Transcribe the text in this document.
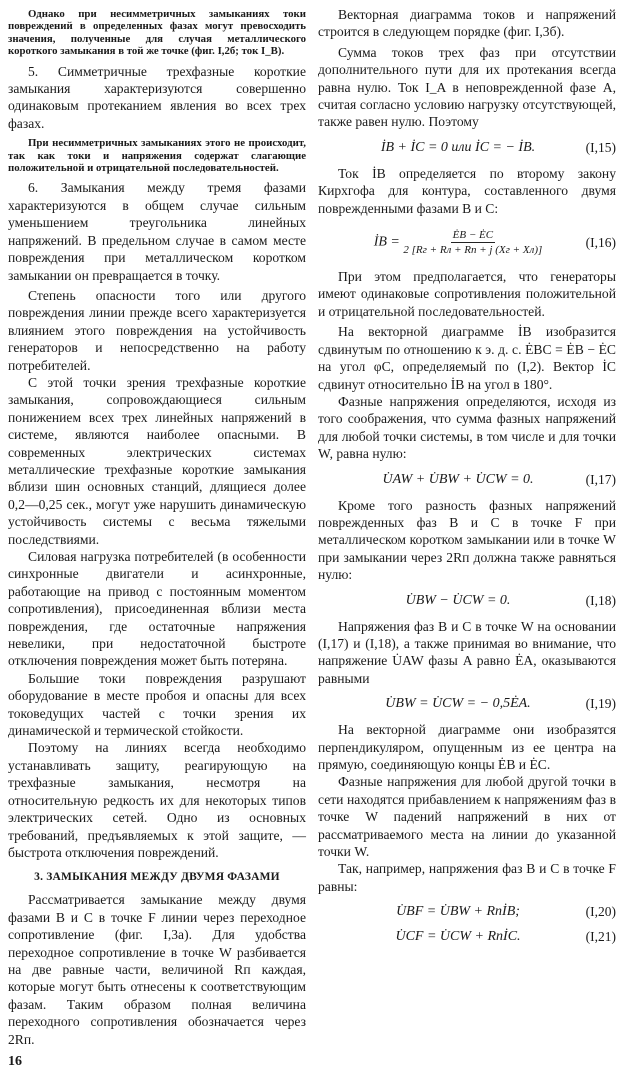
Однако при несимметричных замыканиях токи повреждений в определенных фазах могут превосходить значения, полученные для случая металлического короткого замыкания в той же точке (фиг. I,2б; ток I_B).

5. Симметричные трехфазные короткие замыкания характеризуются совершенно одинаковым протеканием явления во всех трех фазах.

При несимметричных замыканиях этого не происходит, так как токи и напряжения содержат слагающие положительной и отрицательной последовательностей.

6. Замыкания между тремя фазами характеризуются в общем случае сильным уменьшением треугольника линейных напряжений. В предельном случае в самом месте повреждения при металлическом коротком замыкании он превращается в точку.

Степень опасности того или другого повреждения линии прежде всего характеризуется влиянием этого повреждения на устойчивость генераторов и непосредственно на работу потребителей.

С этой точки зрения трехфазные короткие замыкания, сопровождающиеся сильным понижением всех трех линейных напряжений в системе, являются наиболее опасными. В современных электрических системах металлические трехфазные короткие замыкания вблизи шин основных станций, длящиеся долее 0,2—0,25 сек., могут уже нарушить динамическую устойчивость системы с весьма тяжелыми последствиями.

Силовая нагрузка потребителей (в особенности синхронные двигатели и асинхронные, работающие на привод с постоянным моментом сопротивления), присоединенная вблизи места повреждения, где остаточные напряжения невелики, при недостаточной быстроте отключения повреждения может быть потеряна.

Большие токи повреждения разрушают оборудование в месте пробоя и опасны для всех токоведущих частей с точки зрения их динамической и термической стойкости.

Поэтому на линиях всегда необходимо устанавливать защиту, реагирующую на трехфазные замыкания, несмотря на относительную редкость их для некоторых типов электрических сетей. Одно из основных требований, предъявляемых к этой защите, — быстрота отключения повреждений.

3. ЗАМЫКАНИЯ МЕЖДУ ДВУМЯ ФАЗАМИ

Рассматривается замыкание между двумя фазами B и C в точке F линии через переходное сопротивление (фиг. I,3а). Для удобства переходное сопротивление в точке W разбивается на две равные части, величиной Rп каждая, которые могут быть отнесены к соответствующим фазам. Таким образом полная величина переходного сопротивления обозначается через 2Rп.

16

Векторная диаграмма токов и напряжений строится в следующем порядке (фиг. I,3б).

Сумма токов трех фаз при отсутствии дополнительного пути для их протекания всегда равна нулю. Ток I_A в неповрежденной фазе A, считая согласно условию нагрузку отсутствующей, также равен нулю. Поэтому

İB + İC = 0 или İC = − İB.	(I,15)

Ток İB определяется по второму закону Кирхгофа для контура, составленного двумя поврежденными фазами B и C:

İB = $\frac{ĖB - ĖC}{2 [Rг + Rл + Rп + j (Xг + Xл)]}$	(I,16)

При этом предполагается, что генераторы имеют одинаковые сопротивления положительной и отрицательной последовательностей.

На векторной диаграмме İB изобразится сдвинутым по отношению к э. д. с. ĖBC = ĖB − ĖC на угол φC, определяемый по (I,2). Вектор İC сдвинут относительно İB на угол в 180°.

Фазные напряжения определяются, исходя из того соображения, что сумма фазных напряжений для любой точки системы, в том числе и для точки W, равна нулю:

U̇AW + U̇BW + U̇CW = 0.	(I,17)

Кроме того разность фазных напряжений поврежденных фаз B и C в точке F при металлическом коротком замыкании или в точке W при замыкании через 2Rп должна также равняться нулю:

U̇BW − U̇CW = 0.	(I,18)

Напряжения фаз B и C в точке W на основании (I,17) и (I,18), а также принимая во внимание, что напряжение U̇AW фазы A равно ĖA, оказываются равными

U̇BW = U̇CW = − 0,5ĖA.	(I,19)

На векторной диаграмме они изобразятся перпендикуляром, опущенным из ее центра на прямую, соединяющую концы ĖB и ĖC.

Фазные напряжения для любой другой точки в сети находятся прибавлением к напряжениям фаз в точке W падений напряжений в них от рассматриваемого места на линии до указанной точки W.

Так, например, напряжения фаз B и C в точке F равны:

U̇BF = U̇BW + RпİB;	(I,20)
U̇CF = U̇CW + RпİC.	(I,21)
